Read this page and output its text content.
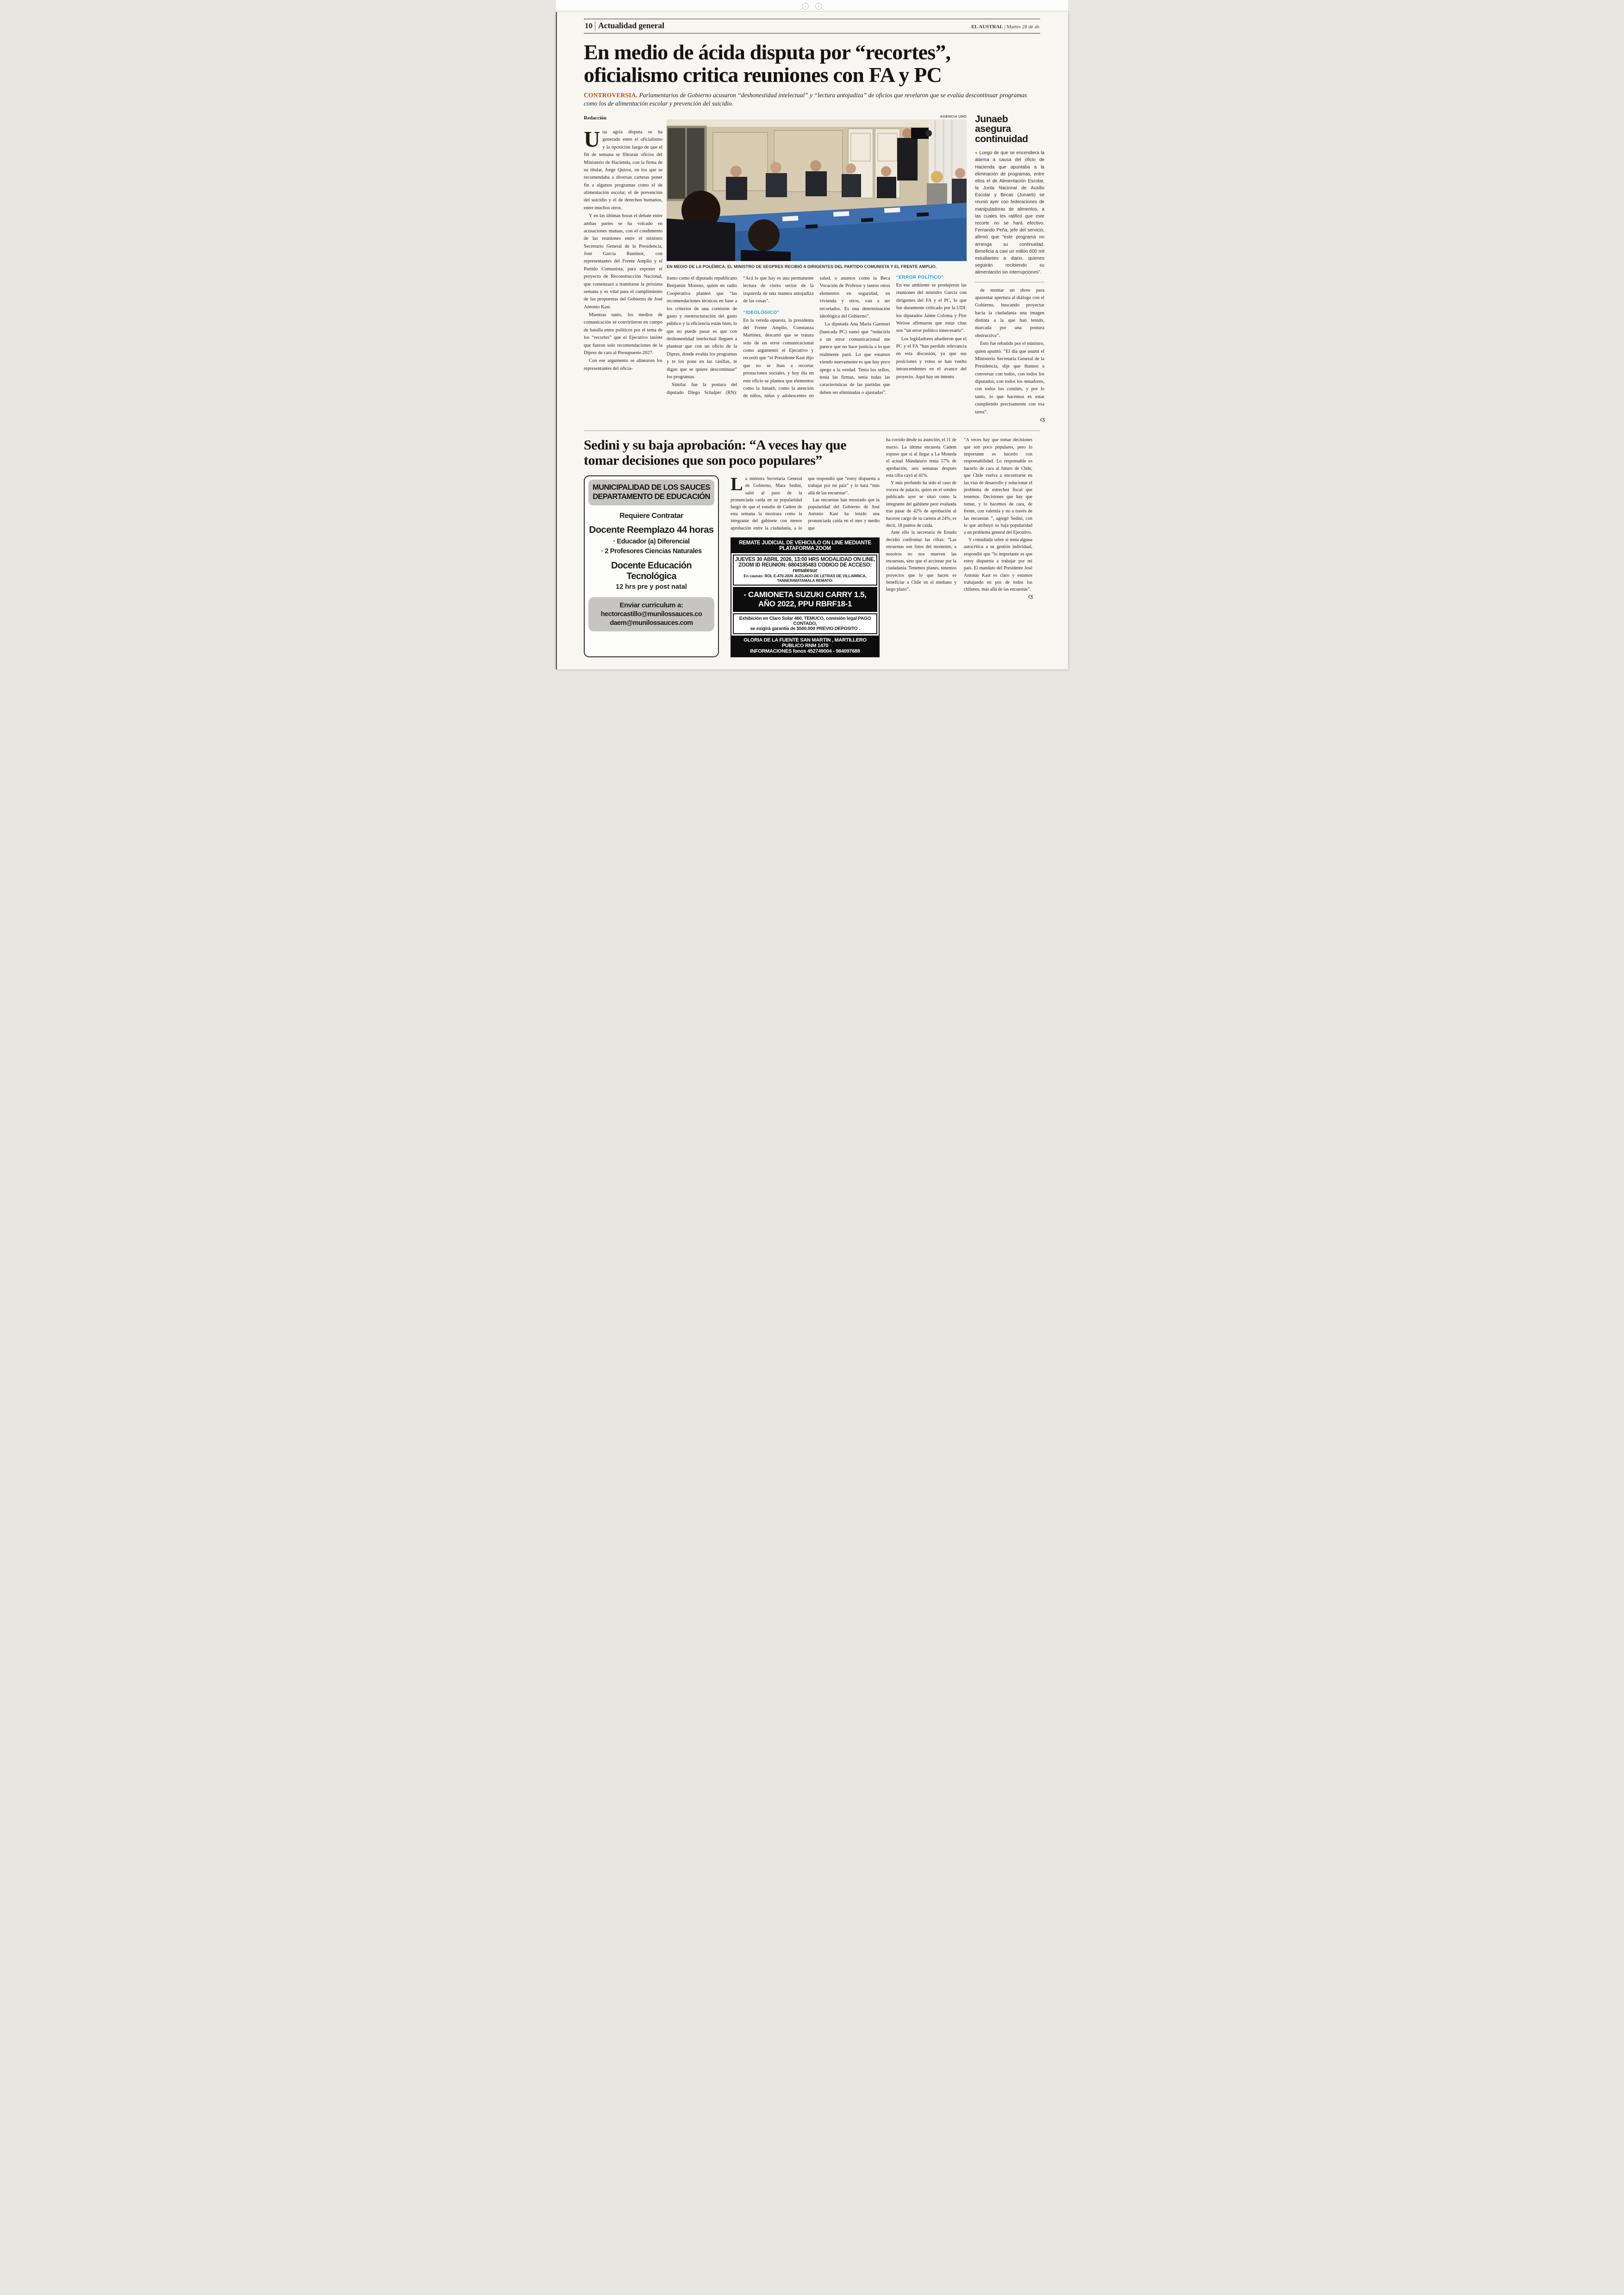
‹	›
10 Actualidad general	EL AUSTRAL | Martes 28 de ab
En medio de ácida disputa por “recortes”, oficialismo critica reuniones con FA y PC

CONTROVERSIA. Parlamentarios de Gobierno acusaron “deshonestidad intelectual” y “lectura antojadiza” de oficios que revelaron que se evalúa descontinuar programas como los de alimentación escolar y prevención del suicidio.

Redacción

Una agria disputa se ha generado entre el oficialismo y la oposición luego de que el fin de semana se filtraran oficios del Ministerio de Hacienda, con la firma de su titular, Jorge Quiroz, en los que se recomendaba a diversas carteras poner fin a algunos programas como el de alimentación escolar, el de prevención del suicidio y el de derechos humanos, entre muchos otros.

Y en las últimas horas el debate entre ambas partes se ha volcado en acusaciones mutuas, con el condimento de las reuniones entre el ministro Secretario General de la Presidencia, José García Ruminot, con representantes del Frente Amplio y el Partido Comunista, para exponer el proyecto de Reconstrucción Nacional, que comenzará a tramitarse la próxima semana y es vital para el cumplimiento de las propuestas del Gobierno de José Antonio Kast.

Mientras tanto, los medios de comunicación se convirtieron en campo de batalla entre políticos por el tema de los “recortes” que el Ejecutivo insiste que fueron solo recomendaciones de la Dipres de cara al Presupuesto 2027.

Con ese argumento se alinearon los representantes del oficia-

AGENCIA UNO
EN MEDIO DE LA POLÉMICA, EL MINISTRO DE SEGPRES RECIBIÓ A DIRIGENTES DEL PARTIDO COMUNISTA Y EL FRENTE AMPLIO.

lismo como el diputado republicano Benjamín Moreno, quien en radio Cooperativa planteó que “las recomendaciones técnicas en base a los criterios de una comisión de gasto y reestructuración del gasto público y la eficiencia están bien; lo que no puede pasar es que con deshonestidad intelectual lleguen a plantear que con un oficio de la Dipres, donde evalúa los programas y te los pone en las casillas, te digan que se quiere descontinuar” los programas.

Similar fue la postura del diputado Diego Schalper (RN): “Acá lo que hay es una permanente lectura de cierto sector de la izquierda de una manera antojadiza de las cosas”.

“IDEOLÓGICO”

En la vereda opuesta, la presidenta del Frente Amplio, Constanza Martínez, descartó que se tratara solo de un error comunicacional como argumentó el Ejecutivo y recordó que “el Presidente Kast dijo que no se iban a recortar prestaciones sociales, y hoy día en este oficio se plantea que elementos como la Junaeb, como la atención de niños, niñas y adolescentes en salud, o asuntos como la Beca Vocación de Profesor y tantos otros elementos en seguridad, en vivienda y otros, van a ser recortados. Es una determinación ideológica del Gobierno”.

La diputada Ana María Gazmuri (bancada PC) sumó que “reducirlo a un error comunicacional me parece que no hace justicia a lo que realmente pasó. Lo que estamos viendo nuevamente es que hay poco apego a la verdad. Tenía los sellos, tenía las firmas, tenía todas las características de las partidas que deben ser eliminadas o ajustadas”.

“ERROR POLÍTICO”

En ese ambiente se produjeron las reuniones del ministro García con dirigentes del FA y el PC, lo que fue duramente criticado por la UDI: los diputados Jaime Coloma y Flor Weisse afirmaron que estas citas son “un error político innecesario”.

Los legisladores añadieron que el PC y el FA “han perdido relevancia en esta discusión, ya que sus posiciones y votos se han vuelto intrascendentes en el avance del proyecto. Aquí hay un intento

Junaeb asegura continuidad

● Luego de que se encendiera la alarma a causa del oficio de Hacienda que apuntaba a la eliminación de programas, entre ellos el de Alimentación Escolar, la Junta Nacional de Auxilio Escolar y Becas (Junaeb) se reunió ayer con federaciones de manipuladoras de alimentos, a las cuales les ratificó que este recorte no se hará efectivo. Fernando Peña, jefe del servicio, afirmó que “este programa no arriesga su continuidad. Beneficia a casi un millón 600 mil estudiantes a diario, quienes seguirán recibiendo su alimentación sin interrupciones”.

de montar un show para aparentar apertura al diálogo con el Gobierno, buscando proyectar hacia la ciudadanía una imagen distinta a la que han tenido, marcada por una postura obstructiva”.

Esto fue rebatido por el ministro, quien apuntó: “El día que asumí el Ministerio Secretaría General de la Presidencia, dije que íbamos a conversar con todos, con todos los diputados, con todos los senadores, con todos los comités, y por lo tanto, lo que hacemos es estar cumpliendo precisamente con esa tarea”.

CƷ
Sedini y su baja aprobación: “A veces hay que tomar decisiones que son poco populares”
MUNICIPALIDAD DE LOS SAUCES
DEPARTAMENTO DE EDUCACIÓN
Requiere Contratar
Docente Reemplazo 44 horas
· Educador (a) Diferencial
· 2 Profesores Ciencias Naturales
Docente Educación Tecnológica
12 hrs pre y post natal
Enviar curriculum a:
hectorcastillo@munilossauces.co
daem@munilossauces.com

La ministra Secretaria General de Gobierno, Mara Sedini, salió al paso de la pronunciada caída en su popularidad luego de que el estudio de Cadem de esta semana la mostrara como la integrante del gabinete con menor aprobación entre la ciudadanía, a lo que respondió que “estoy dispuesta a trabajar por mi país” y lo hará “más allá de las encuestas”.

Las encuestas han mostrado que la popularidad del Gobierno de José Antonio Kast ha tenido una pronunciada caída en el mes y medio que

REMATE JUDICIAL DE VEHICULO ON LINE MEDIANTE PLATAFORMA ZOOM
JUEVES 30 ABRIL 2026, 13:00 HRS MODALIDAD ON LINE,
ZOOM ID REUNION: 6804185483 CODIGO DE ACCESO: rematesur
En causas: ROL E-470-2026 JUZGADO DE LETRAS DE VILLARRICA, TANNER/MATAMALA REMATO:
- CAMIONETA SUZUKI CARRY 1.5,
AÑO 2022, PPU RBRF18-1
Exhibición en Claro Solar 460, TEMUCO, comisión legal PAGO CONTADO,
se exigirá garantía de $500.000 PREVIO DEPOSITO .
GLORIA DE LA FUENTE SAN MARTIN , MARTILLERO PUBLICO RNM 1470
INFORMACIONES fonos 452749004 - 984097688

ha corrido desde su asunción, el 11 de marzo. La última encuesta Cadem expuso que si al llegar a La Moneda el actual Mandatario tenía 57% de aprobación, seis semanas después esta cifra cayó al 41%.

Y más profundo ha sido el caso de vocera de palacio, quien en el sondeo publicado ayer se situó como la integrante del gabinete peor evaluada tras pasar de 42% de aprobación al hacerse cargo de su cartera al 24%, es decir, 18 puntos de caída.

Ante ello la secretaria de Estado decidió confrontar las cifras: “Las encuestas son fotos del momento, a nosotros no nos mueven las encuestas, sino que el accionar por la ciudadanía. Tenemos planes, tenemos proyectos que lo que hacen es beneficiar a Chile en el mediano y largo plazo”.

“A veces hay que tomar decisiones que son poco populares, pero lo importante es hacerlo con responsabilidad. Lo responsable es hacerlo de cara al futuro de Chile, que Chile vuelva a encontrarse en las vías de desarrollo y solucionar el problema de estrechez fiscal que tenemos. Decisiones que hay que tomar, y lo hacemos de cara, de frente, con valentía y no a través de las encuestas ”, agregó Sedini, con lo que atribuyó su baja popularidad a un problema general del Ejecutivo.

Y consultada sobre si tenía alguna autocrítica a su gestión individual, respondió que “lo importante es que estoy dispuesta a trabajar por mi país. El mandato del Presidente José Antonio Kast es claro y estamos trabajando en pos de todos los chilenos, más allá de las encuestas”.

CƷ
